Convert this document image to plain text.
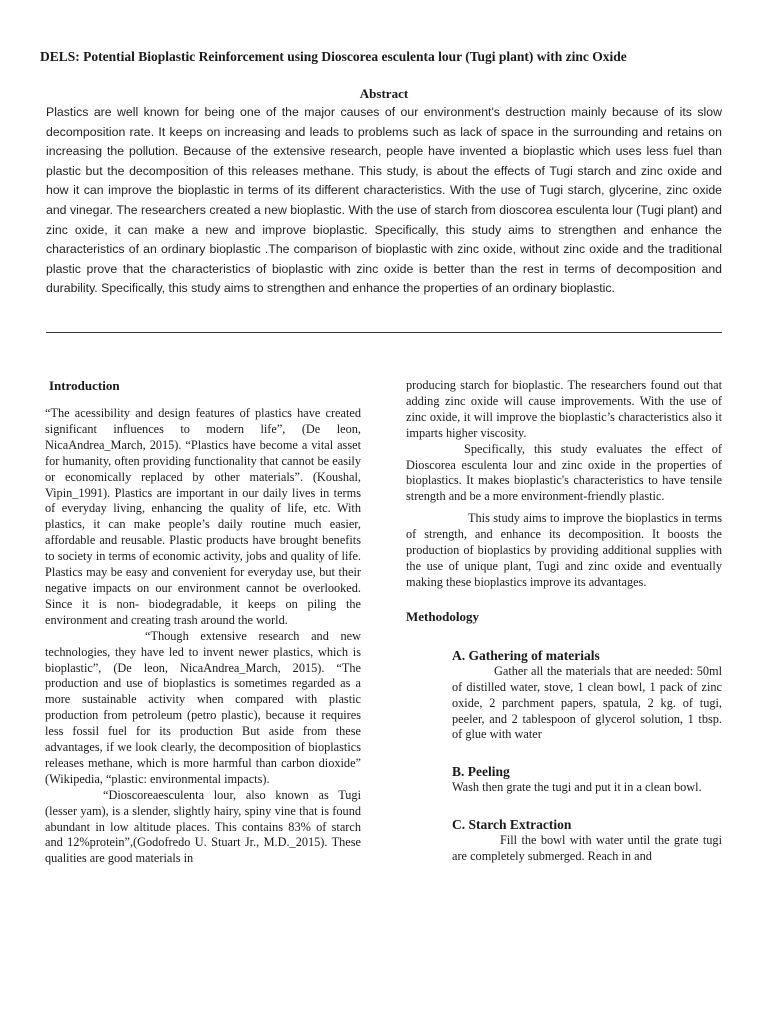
DELS: Potential Bioplastic Reinforcement using Dioscorea esculenta lour (Tugi plant) with zinc Oxide
Abstract
Plastics are well known for being one of the major causes of our environment's destruction mainly because of its slow decomposition rate. It keeps on increasing and leads to problems such as lack of space in the surrounding and retains on increasing the pollution. Because of the extensive research, people have invented a bioplastic which uses less fuel than plastic but the decomposition of this releases methane. This study, is about the effects of Tugi starch and zinc oxide and how it can improve the bioplastic in terms of its different characteristics. With the use of Tugi starch, glycerine, zinc oxide and vinegar. The researchers created a new bioplastic. With the use of starch from dioscorea esculenta lour (Tugi plant) and zinc oxide, it can make a new and improve bioplastic. Specifically, this study aims to strengthen and enhance the characteristics of an ordinary bioplastic .The comparison of bioplastic with zinc oxide, without zinc oxide and the traditional plastic prove that the characteristics of bioplastic with zinc oxide is better than the rest in terms of decomposition and durability. Specifically, this study aims to strengthen and enhance the properties of an ordinary bioplastic.
Introduction

“The acessibility and design features of plastics have created significant influences to modern life”, (De leon, NicaAndrea_March, 2015). “Plastics have become a vital asset for humanity, often providing functionality that cannot be easily or economically replaced by other materials”. (Koushal, Vipin_1991). Plastics are important in our daily lives in terms of everyday living, enhancing the quality of life, etc. With plastics, it can make people’s daily routine much easier, affordable and reusable. Plastic products have brought benefits to society in terms of economic activity, jobs and quality of life. Plastics may be easy and convenient for everyday use, but their negative impacts on our environment cannot be overlooked. Since it is non- biodegradable, it keeps on piling the environment and creating trash around the world.

“Though extensive research and new technologies, they have led to invent newer plastics, which is bioplastic”, (De leon, NicaAndrea_March, 2015). “The production and use of bioplastics is sometimes regarded as a more sustainable activity when compared with plastic production from petroleum (petro plastic), because it requires less fossil fuel for its production But aside from these advantages, if we look clearly, the decomposition of bioplastics releases methane, which is more harmful than carbon dioxide” (Wikipedia, “plastic: environmental impacts).

“Dioscoreaesculenta lour, also known as Tugi (lesser yam), is a slender, slightly hairy, spiny vine that is found abundant in low altitude places. This contains 83% of starch and 12%protein”,(Godofredo U. Stuart Jr., M.D._2015). These qualities are good materials in

producing starch for bioplastic. The researchers found out that adding zinc oxide will cause improvements. With the use of zinc oxide, it will improve the bioplastic’s characteristics also it imparts higher viscosity.

Specifically, this study evaluates the effect of Dioscorea esculenta lour and zinc oxide in the properties of bioplastics. It makes bioplastic's characteristics to have tensile strength and be a more environment-friendly plastic.

This study aims to improve the bioplastics in terms of strength, and enhance its decomposition. It boosts the production of bioplastics by providing additional supplies with the use of unique plant, Tugi and zinc oxide and eventually making these bioplastics improve its advantages.

Methodology
A. Gathering of materials

Gather all the materials that are needed: 50ml of distilled water, stove, 1 clean bowl, 1 pack of zinc oxide, 2 parchment papers, spatula, 2 kg. of tugi, peeler, and 2 tablespoon of glycerol solution, 1 tbsp. of glue with water

B. Peeling

Wash then grate the tugi and put it in a clean bowl.

C. Starch Extraction

Fill the bowl with water until the grate tugi are completely submerged. Reach in and
